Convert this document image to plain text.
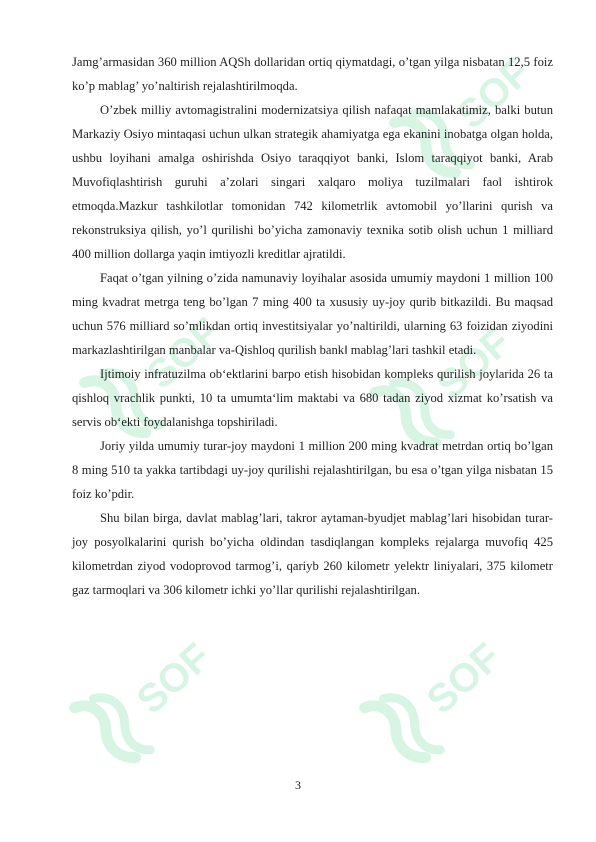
SOF
SOF	SOF
SOF	SOF

Jamg’armasidan 360 million AQSh dollaridan ortiq qiymatdagi, o’tgan yilga nisbatan 12,5 foiz ko’p mablag’ yo’naltirish rejalashtirilmoqda.

O’zbek milliy avtomagistralini modernizatsiya qilish nafaqat mamlakatimiz, balki butun Markaziy Osiyo mintaqasi uchun ulkan strategik ahamiyatga ega ekanini inobatga olgan holda, ushbu loyihani amalga oshirishda Osiyo taraqqiyot banki, Islom taraqqiyot banki, Arab Muvofiqlashtirish guruhi a’zolari singari xalqaro moliya tuzilmalari faol ishtirok etmoqda.Mazkur tashkilotlar tomonidan 742 kilometrlik avtomobil yo’llarini qurish va rekonstruksiya qilish, yo’l qurilishi bo’yicha zamonaviy texnika sotib olish uchun 1 milliard 400 million dollarga yaqin imtiyozli kreditlar ajratildi.

Faqat o’tgan yilning o’zida namunaviy loyihalar asosida umumiy maydoni 1 million 100 ming kvadrat metrga teng bo’lgan 7 ming 400 ta xususiy uy-joy qurib bitkazildi. Bu maqsad uchun 576 milliard so’mlikdan ortiq investitsiyalar yo’naltirildi, ularning 63 foizidan ziyodini markazlashtirilgan manbalar va-Qishloq qurilish bank‖ mablag’lari tashkil etadi.

Ijtimoiy infratuzilma ob‘ektlarini barpo etish hisobidan kompleks qurilish joylarida 26 ta qishloq vrachlik punkti, 10 ta umumta‘lim maktabi va 680 tadan ziyod xizmat ko’rsatish va servis ob‘ekti foydalanishga topshiriladi.

Joriy yilda umumiy turar-joy maydoni 1 million 200 ming kvadrat metrdan ortiq bo’lgan 8 ming 510 ta yakka tartibdagi uy-joy qurilishi rejalashtirilgan, bu esa o’tgan yilga nisbatan 15 foiz ko’pdir.

Shu bilan birga, davlat mablag’lari, takror aytaman-byudjet mablag’lari hisobidan turar-joy posyolkalarini qurish bo’yicha oldindan tasdiqlangan kompleks rejalarga muvofiq 425 kilometrdan ziyod vodoprovod tarmog’i, qariyb 260 kilometr yelektr liniyalari, 375 kilometr gaz tarmoqlari va 306 kilometr ichki yo’llar qurilishi rejalashtirilgan.

3
